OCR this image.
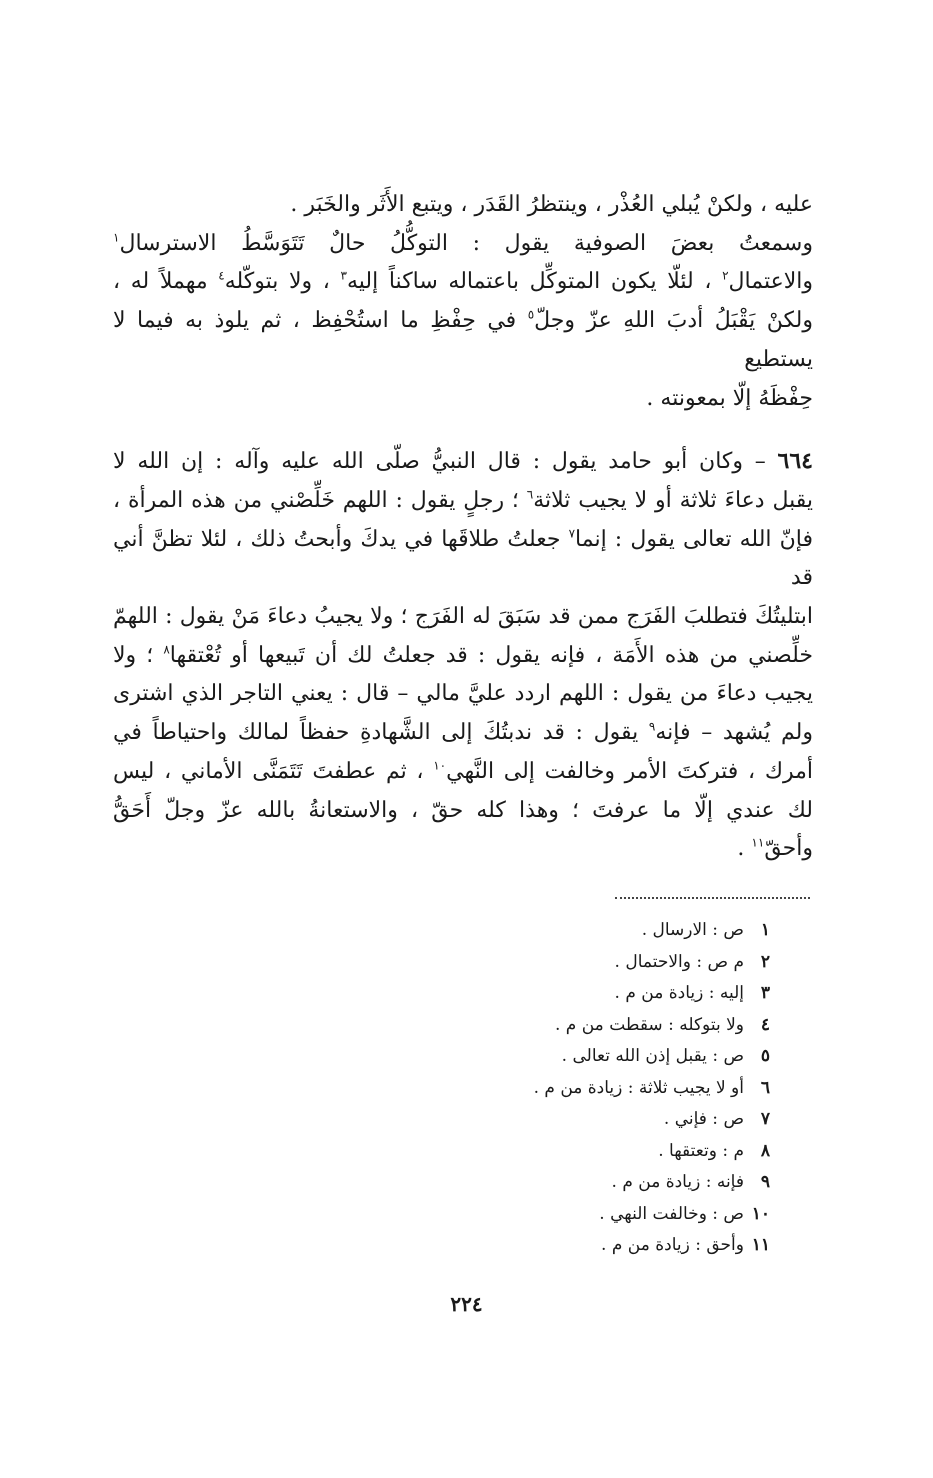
عليه ، ولكنْ يُبلي العُذْر ، وينتظرُ القَدَر ، ويتبع الأَثَر والخَبَر .

وسمعتُ بعضَ الصوفية يقول : التوكُّلُ حالٌ تَتَوَسَّطُ الاسترسال$^١$
والاعتمال$^٢$ ، لئلّا يكون المتوكِّل باعتماله ساكناً إليه$^٣$ ، ولا بتوكّله$^٤$ مهملاً له ،
ولكنْ يَقْبَلُ أدبَ اللهِ عزّ وجلّ$^٥$ في حِفْظِ ما استُحْفِظ ، ثم يلوذ به فيما لا يستطيع
حِفْظَهُ إلّا بمعونته .

٦٦٤ – وكان أبو حامد يقول : قال النبيُّ صلّى الله عليه وآله : إن الله لا
يقبل دعاءَ ثلاثة أو لا يجيب ثلاثة$^٦$ ؛ رجلٍ يقول : اللهم خَلِّصْني من هذه المرأة ،
فإنّ الله تعالى يقول : إنما$^٧$ جعلتُ طلاقَها في يدكَ وأبحتُ ذلك ، لئلا تظنَّ أني قد
ابتليتُكَ فتطلبَ الفَرَج ممن قد سَبَقَ له الفَرَج ؛ ولا يجيبُ دعاءَ مَنْ يقول : اللهمّ
خلِّصني من هذه الأَمَة ، فإنه يقول : قد جعلتُ لك أن تَبيعها أو تُعْتقها$^٨$ ؛ ولا
يجيب دعاءَ من يقول : اللهم اردد عليَّ مالي – قال : يعني التاجر الذي اشترى
ولم يُشهد – فإنه$^٩$ يقول : قد ندبتُكَ إلى الشَّهادةِ حفظاً لمالك واحتياطاً في
أمرك ، فتركتَ الأمر وخالفت إلى النَّهي$^{١٠}$ ، ثم عطفتَ تَتَمَنَّى الأماني ، ليس
لك عندي إلّا ما عرفتَ ؛ وهذا كله حقّ ، والاستعانةُ بالله عزّ وجلّ أَحَقُّ
وأحقّ$^{١١}$ .

١
ص : الارسال .
٢
م ص : والاحتمال .
٣
إليه : زيادة من م .
٤
ولا بتوكله : سقطت من م .
٥
ص : يقبل إذن الله تعالى .
٦
أو لا يجيب ثلاثة : زيادة من م .
٧
ص : فإني .
٨
م : وتعتقها .
٩
فإنه : زيادة من م .
١٠
ص : وخالفت النهي .
١١
وأحق : زيادة من م .
٢٢٤
